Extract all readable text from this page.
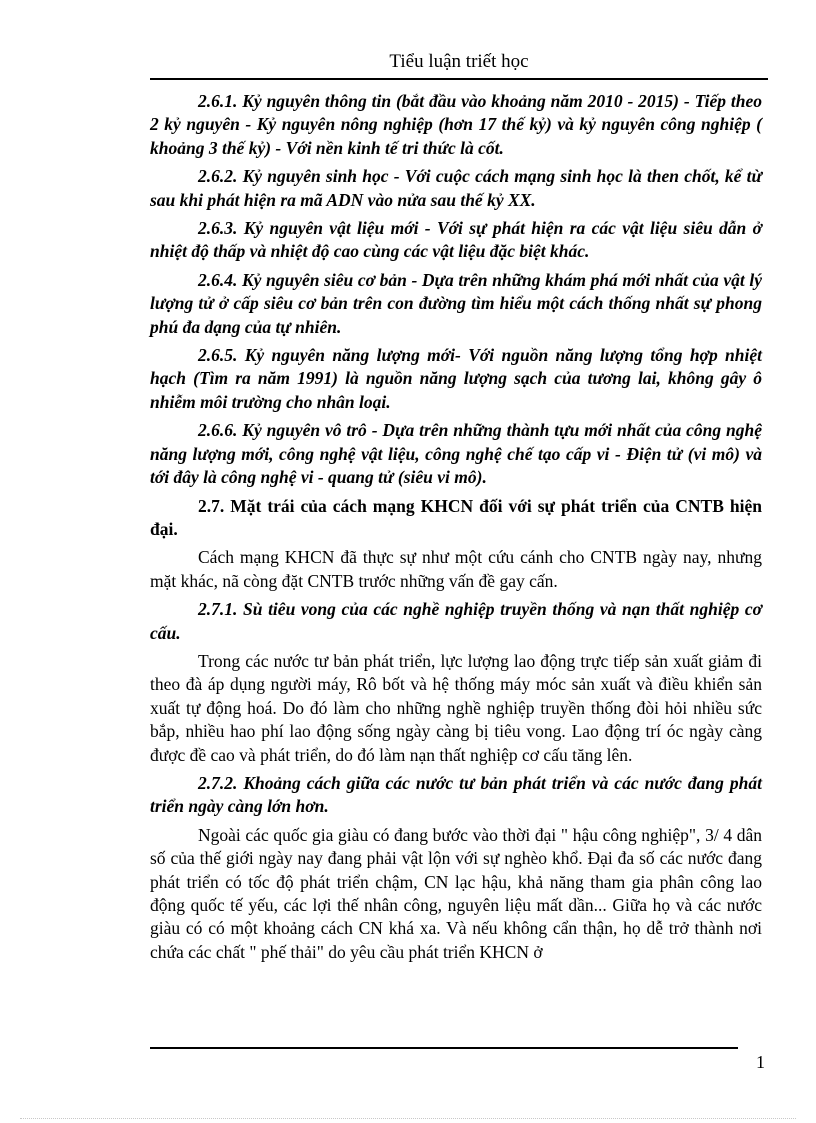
Tiểu luận triết học

2.6.1. Kỷ nguyên thông tin (bắt đầu vào khoảng năm 2010 - 2015) - Tiếp theo 2 kỷ nguyên - Kỷ nguyên nông nghiệp (hơn 17 thế kỷ) và kỷ nguyên công nghiệp ( khoảng 3 thế kỷ) - Với nền kinh tế tri thức là cốt.

2.6.2. Kỷ nguyên sinh học - Với cuộc cách mạng sinh học là then chốt, kể từ sau khi phát hiện ra mã ADN vào nửa sau thế kỷ XX.

2.6.3. Kỷ nguyên vật liệu mới - Với sự phát hiện ra các vật liệu siêu dẫn ở nhiệt độ thấp và nhiệt độ cao cùng các vật liệu đặc biệt khác.

2.6.4. Kỷ nguyên siêu cơ bản - Dựa trên những khám phá mới nhất của vật lý lượng tử ở cấp siêu cơ bản trên con đường tìm hiểu một cách thống nhất sự phong phú đa dạng của tự nhiên.

2.6.5. Kỷ nguyên năng lượng mới- Với nguồn năng lượng tổng hợp nhiệt hạch (Tìm ra năm 1991) là nguồn năng lượng sạch của tương lai, không gây ô nhiễm môi trường cho nhân loại.

2.6.6. Kỷ nguyên vô trô - Dựa trên những thành tựu mới nhất của công nghệ năng lượng mới, công nghệ vật liệu, công nghệ chế tạo cấp vi - Điện tử (vi mô) và tới đây là công nghệ vi - quang tử (siêu vi mô).

2.7. Mặt trái của cách mạng KHCN đối với sự phát triển của CNTB hiện đại.

Cách mạng KHCN đã thực sự như một cứu cánh cho CNTB ngày nay, nhưng mặt khác, nã còng đặt CNTB trước những vấn đề gay cấn.

2.7.1. Sù tiêu vong của các nghề nghiệp truyền thống và nạn thất nghiệp cơ cấu.

Trong các nước tư bản phát triển, lực lượng lao động trực tiếp sản xuất giảm đi theo đà áp dụng người máy, Rô bốt và hệ thống máy móc sản xuất và điều khiển sản xuất tự động hoá. Do đó làm cho những nghề nghiệp truyền thống đòi hỏi nhiều sức bắp, nhiều hao phí lao động sống ngày càng bị tiêu vong. Lao động trí óc ngày càng được đề cao và phát triển, do đó làm nạn thất nghiệp cơ cấu tăng lên.

2.7.2. Khoảng cách giữa các nước tư bản phát triển và các nước đang phát triển ngày càng lớn hơn.

Ngoài các quốc gia giàu có đang bước vào thời đại " hậu công nghiệp", 3/ 4 dân số của thế giới ngày nay đang phải vật lộn với sự nghèo khổ. Đại đa số các nước đang phát triển có tốc độ phát triển chậm, CN lạc hậu, khả năng tham gia phân công lao động quốc tế yếu, các lợi thế nhân công, nguyên liệu mất dần... Giữa họ và các nước giàu có có một khoảng cách CN khá xa. Và nếu không cẩn thận, họ dễ trở thành nơi chứa các chất " phế thải" do yêu cầu phát triển KHCN ở

1
